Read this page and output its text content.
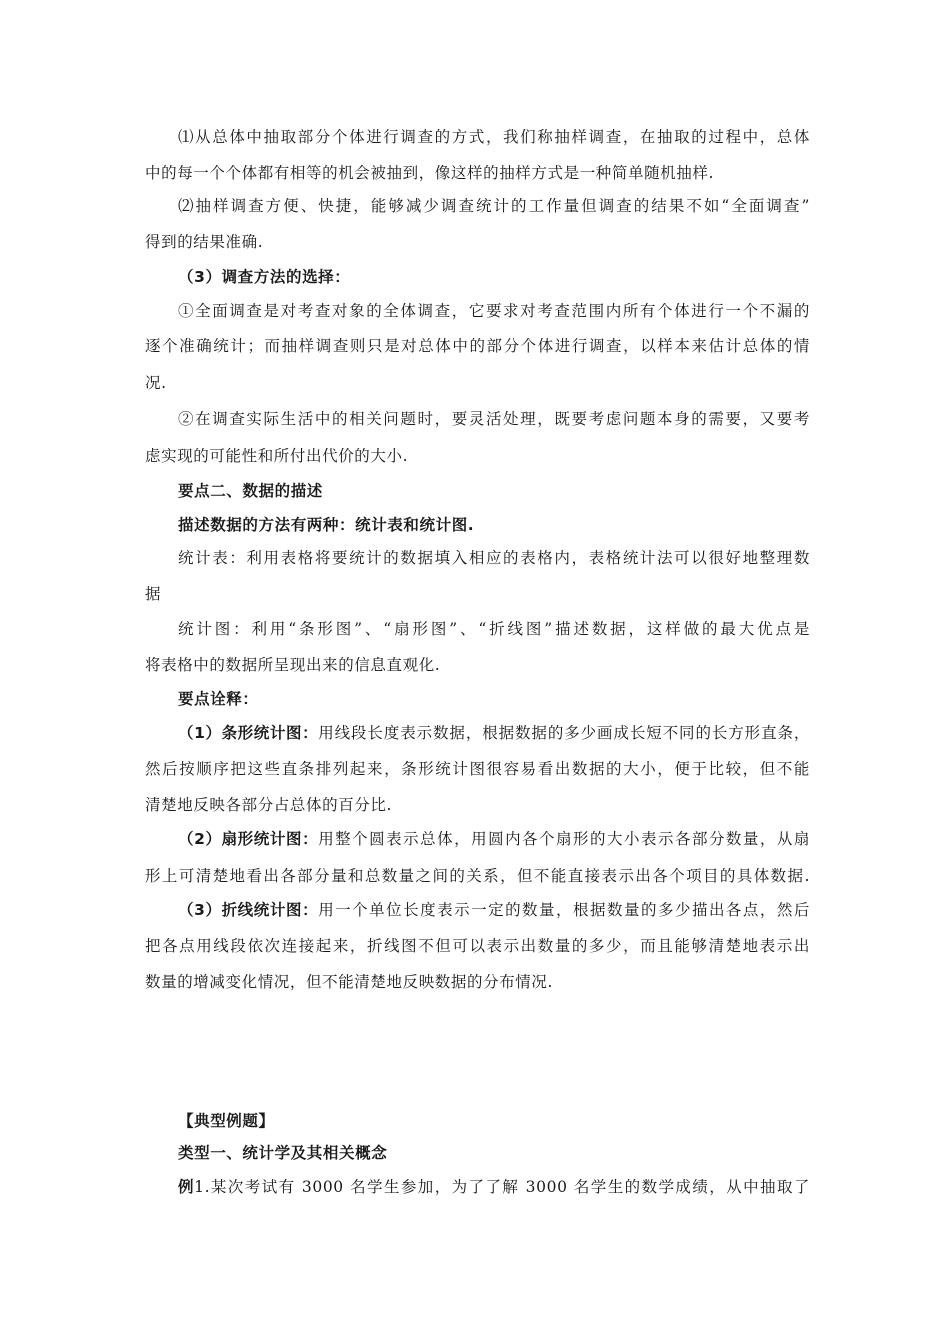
⑴从总体中抽取部分个体进行调查的方式，我们称抽样调查，在抽取的过程中，总体
中的每一个个体都有相等的机会被抽到，像这样的抽样方式是一种简单随机抽样.
⑵抽样调查方便、快捷，能够减少调查统计的工作量但调查的结果不如“全面调查”
得到的结果准确.
（3）调查方法的选择：
①全面调查是对考查对象的全体调查，它要求对考查范围内所有个体进行一个不漏的
逐个准确统计；而抽样调查则只是对总体中的部分个体进行调查，以样本来估计总体的情
况.
②在调查实际生活中的相关问题时，要灵活处理，既要考虑问题本身的需要，又要考
虑实现的可能性和所付出代价的大小.
要点二、数据的描述
描述数据的方法有两种：统计表和统计图.
统计表：利用表格将要统计的数据填入相应的表格内，表格统计法可以很好地整理数
据
统计图：利用“条形图”、“扇形图”、“折线图”描述数据，这样做的最大优点是
将表格中的数据所呈现出来的信息直观化.
要点诠释：
（1）条形统计图： 用线段长度表示数据，根据数据的多少画成长短不同的长方形直条，
然后按顺序把这些直条排列起来，条形统计图很容易看出数据的大小，便于比较，但不能
清楚地反映各部分占总体的百分比.
（2）扇形统计图： 用整个圆表示总体，用圆内各个扇形的大小表示各部分数量，从扇
形上可清楚地看出各部分量和总数量之间的关系，但不能直接表示出各个项目的具体数据.
（3）折线统计图： 用一个单位长度表示一定的数量，根据数量的多少描出各点，然后
把各点用线段依次连接起来，折线图不但可以表示出数量的多少，而且能够清楚地表示出
数量的增减变化情况，但不能清楚地反映数据的分布情况.
【典型例题】
类型一、统计学及其相关概念
例 1.某次考试有 3000 名学生参加，为了了解 3000 名学生的数学成绩，从中抽取了
